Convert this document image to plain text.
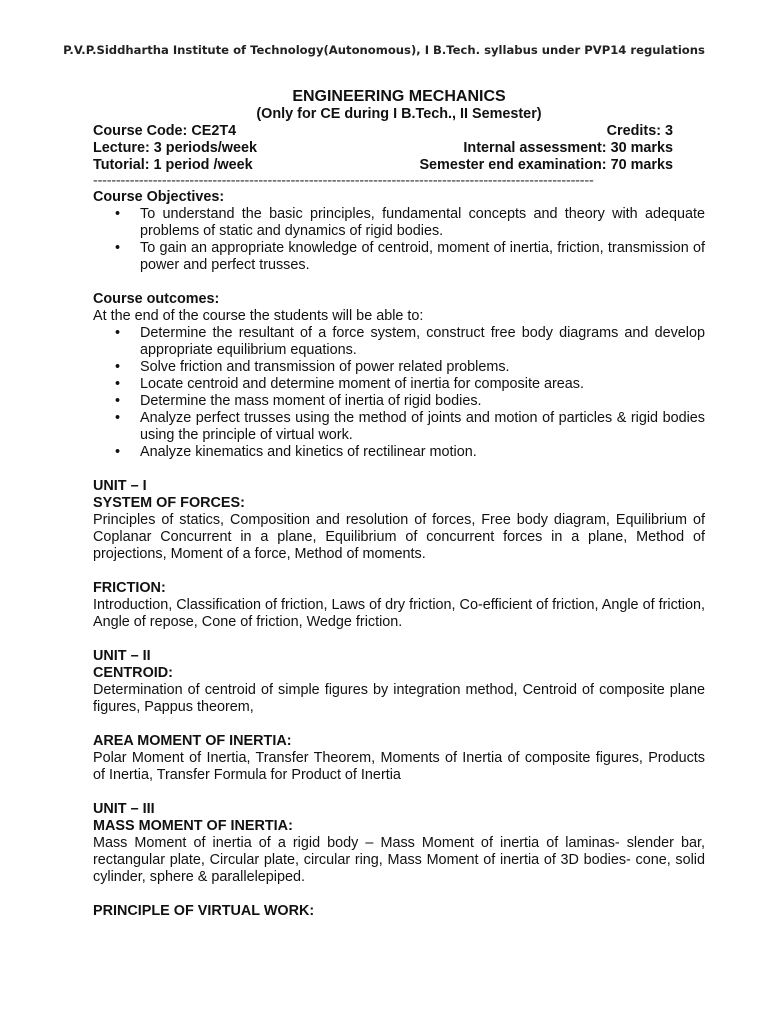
P.V.P.Siddhartha Institute of Technology(Autonomous), I B.Tech. syllabus under PVP14 regulations
ENGINEERING MECHANICS
(Only for CE during I B.Tech., II Semester)
Course Code: CE2T4	Credits: 3
Lecture: 3 periods/week	Internal assessment: 30 marks
Tutorial: 1 period /week	Semester end examination: 70 marks
-------------------------------------------------------------------------------------------------------------
Course Objectives:
• To understand the basic principles, fundamental concepts and theory with adequate problems of static and dynamics of rigid bodies.
• To gain an appropriate knowledge of centroid, moment of inertia, friction, transmission of power and perfect trusses.
Course outcomes:

At the end of the course the students will be able to:

• Determine the resultant of a force system, construct free body diagrams and develop appropriate equilibrium equations.
• Solve friction and transmission of power related problems.
• Locate centroid and determine moment of inertia for composite areas.
• Determine the mass moment of inertia of rigid bodies.
• Analyze perfect trusses using the method of joints and motion of particles & rigid bodies using the principle of virtual work.
• Analyze kinematics and kinetics of rectilinear motion.
UNIT – I
SYSTEM OF FORCES:

Principles of statics, Composition and resolution of forces, Free body diagram, Equilibrium of Coplanar Concurrent in a plane, Equilibrium of concurrent forces in a plane, Method of projections, Moment of a force, Method of moments.

FRICTION:

Introduction, Classification of friction, Laws of dry friction, Co-efficient of friction, Angle of friction, Angle of repose, Cone of friction, Wedge friction.

UNIT – II
CENTROID:

Determination of centroid of simple figures by integration method, Centroid of composite plane figures, Pappus theorem,

AREA MOMENT OF INERTIA:

Polar Moment of Inertia, Transfer Theorem, Moments of Inertia of composite figures, Products of Inertia, Transfer Formula for Product of Inertia

UNIT – III
MASS MOMENT OF INERTIA:

Mass Moment of inertia of a rigid body – Mass Moment of inertia of laminas- slender bar, rectangular plate, Circular plate, circular ring, Mass Moment of inertia of 3D bodies- cone, solid cylinder, sphere & parallelepiped.

PRINCIPLE OF VIRTUAL WORK:
